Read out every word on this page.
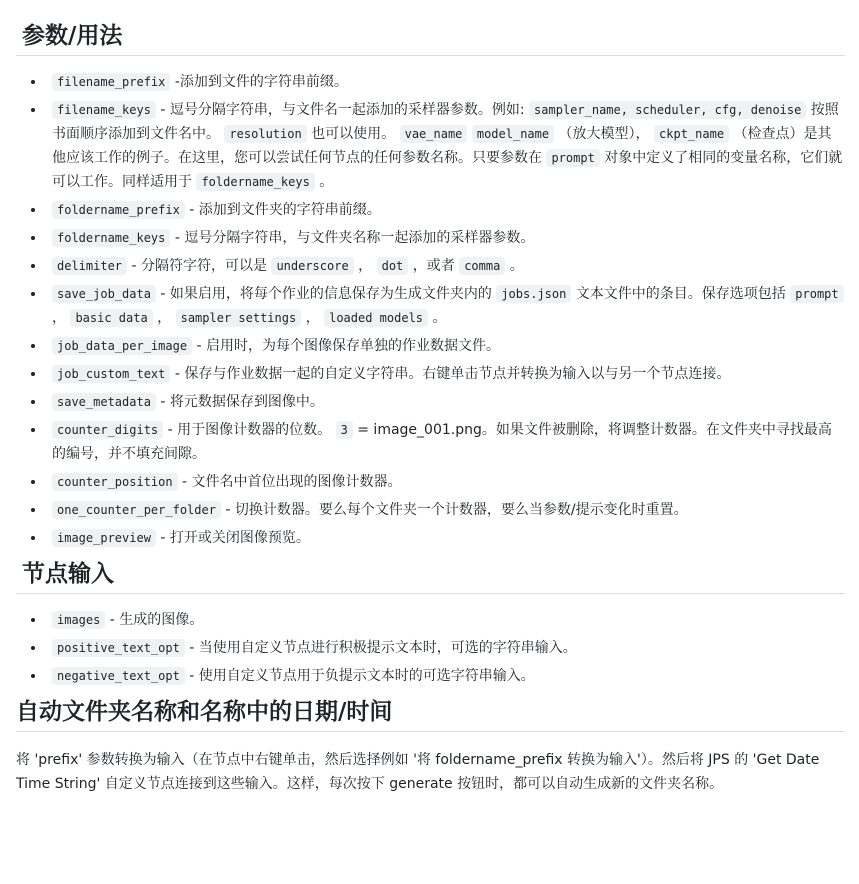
参数/用法
• filename_prefix -添加到文件的字符串前缀。
• filename_keys - 逗号分隔字符串，与文件名一起添加的采样器参数。例如: sampler_name, scheduler, cfg, denoise 按照书面顺序添加到文件名中。 resolution 也可以使用。 vae_name model_name （放大模型）， ckpt_name （检查点）是其他应该工作的例子。在这里，您可以尝试任何节点的任何参数名称。只要参数在 prompt 对象中定义了相同的变量名称，它们就可以工作。同样适用于 foldername_keys 。
• foldername_prefix - 添加到文件夹的字符串前缀。
• foldername_keys - 逗号分隔字符串，与文件夹名称一起添加的采样器参数。
• delimiter - 分隔符字符，可以是 underscore ， dot ，或者 comma 。
• save_job_data - 如果启用，将每个作业的信息保存为生成文件夹内的 jobs.json 文本文件中的条目。保存选项包括 prompt ， basic data ， sampler settings ， loaded models 。
• job_data_per_image - 启用时，为每个图像保存单独的作业数据文件。
• job_custom_text - 保存与作业数据一起的自定义字符串。右键单击节点并转换为输入以与另一个节点连接。
• save_metadata - 将元数据保存到图像中。
• counter_digits - 用于图像计数器的位数。 3 = image_001.png。如果文件被删除，将调整计数器。在文件夹中寻找最高的编号，并不填充间隙。
• counter_position - 文件名中首位出现的图像计数器。
• one_counter_per_folder - 切换计数器。要么每个文件夹一个计数器，要么当参数/提示变化时重置。
• image_preview - 打开或关闭图像预览。
节点输入
• images - 生成的图像。
• positive_text_opt - 当使用自定义节点进行积极提示文本时，可选的字符串输入。
• negative_text_opt - 使用自定义节点用于负提示文本时的可选字符串输入。
自动文件夹名称和名称中的日期/时间

将 'prefix' 参数转换为输入（在节点中右键单击，然后选择例如 '将 foldername_prefix 转换为输入'）。然后将 JPS 的 'Get Date Time String' 自定义节点连接到这些输入。这样，每次按下 generate 按钮时，都可以自动生成新的文件夹名称。
